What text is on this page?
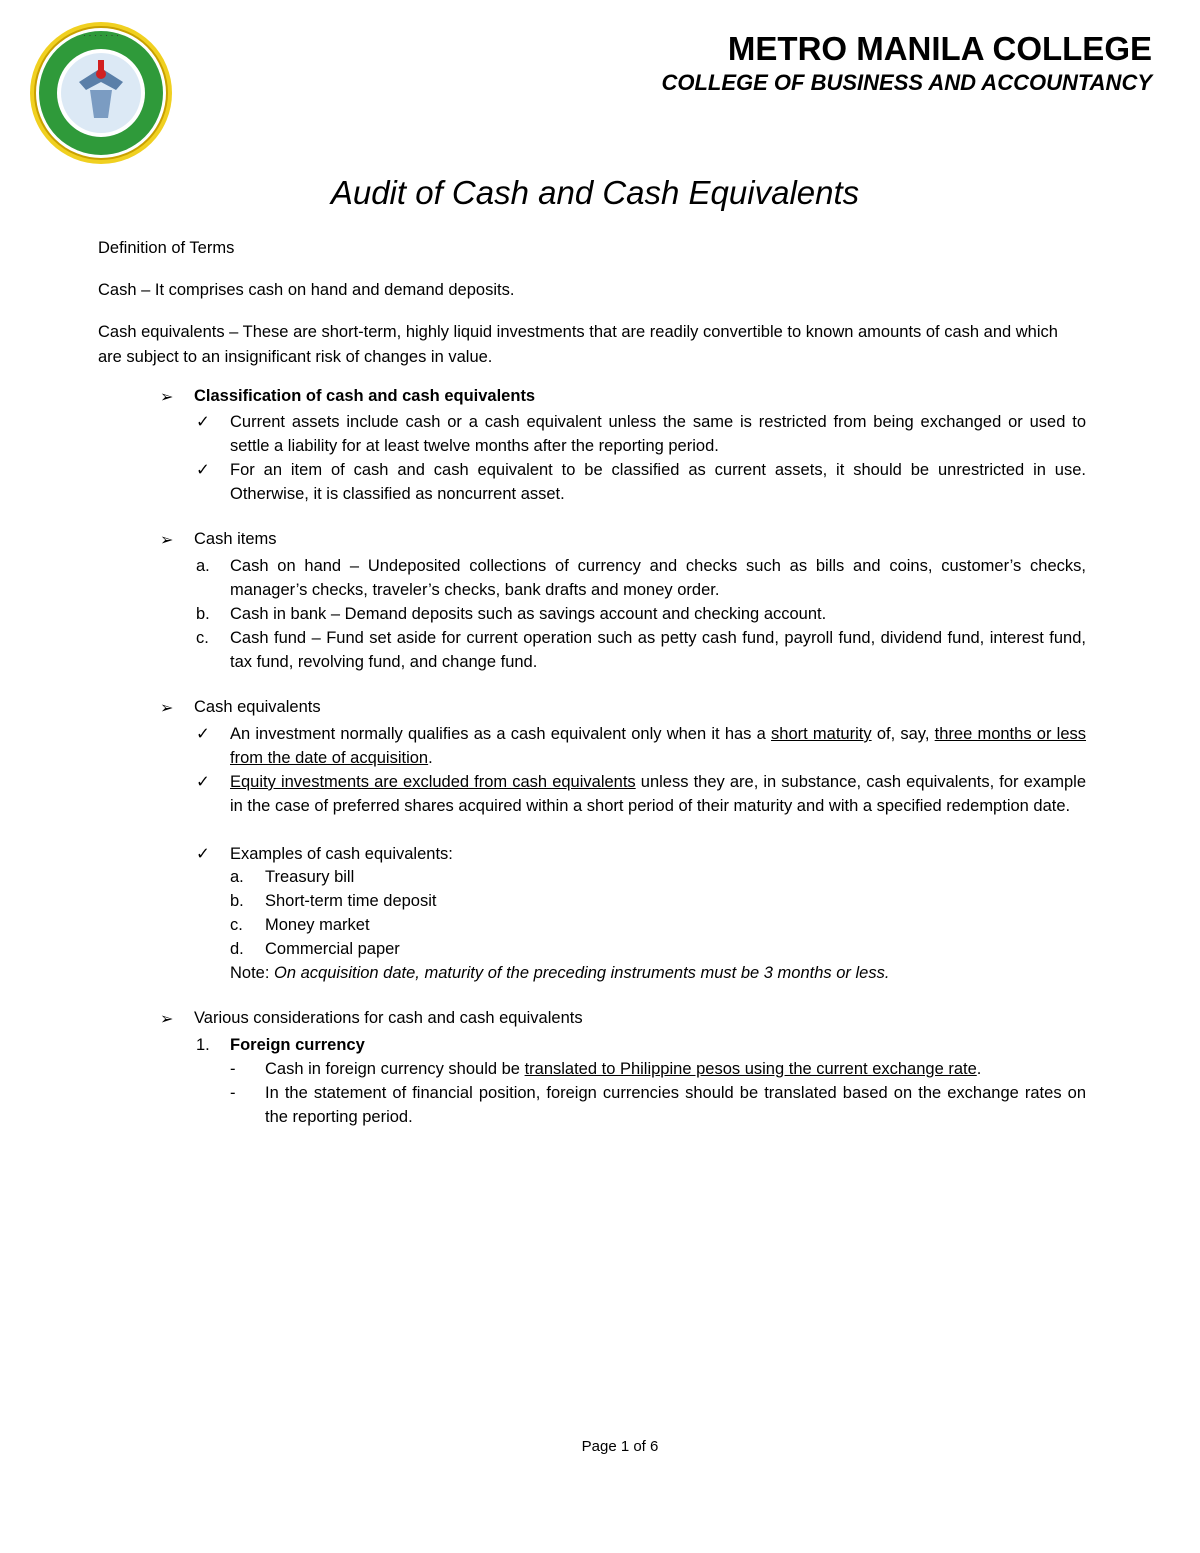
· · · · · · ·	METRO MANILA COLLEGE
COLLEGE OF BUSINESS AND ACCOUNTANCY
Audit of Cash and Cash Equivalents
Definition of Terms
Cash – It comprises cash on hand and demand deposits.
Cash equivalents – These are short-term, highly liquid investments that are readily convertible to known amounts of cash and which are subject to an insignificant risk of changes in value.
➢ Classification of cash and cash equivalents
✓	Current assets include cash or a cash equivalent unless the same is restricted from being exchanged or used to settle a liability for at least twelve months after the reporting period.
✓	For an item of cash and cash equivalent to be classified as current assets, it should be unrestricted in use. Otherwise, it is classified as noncurrent asset.
➢ Cash items
a.	Cash on hand – Undeposited collections of currency and checks such as bills and coins, customer’s checks, manager’s checks, traveler’s checks, bank drafts and money order.
b.	Cash in bank – Demand deposits such as savings account and checking account.
c.	Cash fund – Fund set aside for current operation such as petty cash fund, payroll fund, dividend fund, interest fund, tax fund, revolving fund, and change fund.
➢ Cash equivalents
✓	An investment normally qualifies as a cash equivalent only when it has a short maturity of, say, three months or less from the date of acquisition.
✓	Equity investments are excluded from cash equivalents unless they are, in substance, cash equivalents, for example in the case of preferred shares acquired within a short period of their maturity and with a specified redemption date.
✓	Examples of cash equivalents:
a. Treasury bill
b. Short-term time deposit
c. Money market
d. Commercial paper
Note: On acquisition date, maturity of the preceding instruments must be 3 months or less.
➢ Various considerations for cash and cash equivalents
1.	Foreign currency
- Cash in foreign currency should be translated to Philippine pesos using the current exchange rate.
- In the statement of financial position, foreign currencies should be translated based on the exchange rates on the reporting period.
Page 1 of 6
